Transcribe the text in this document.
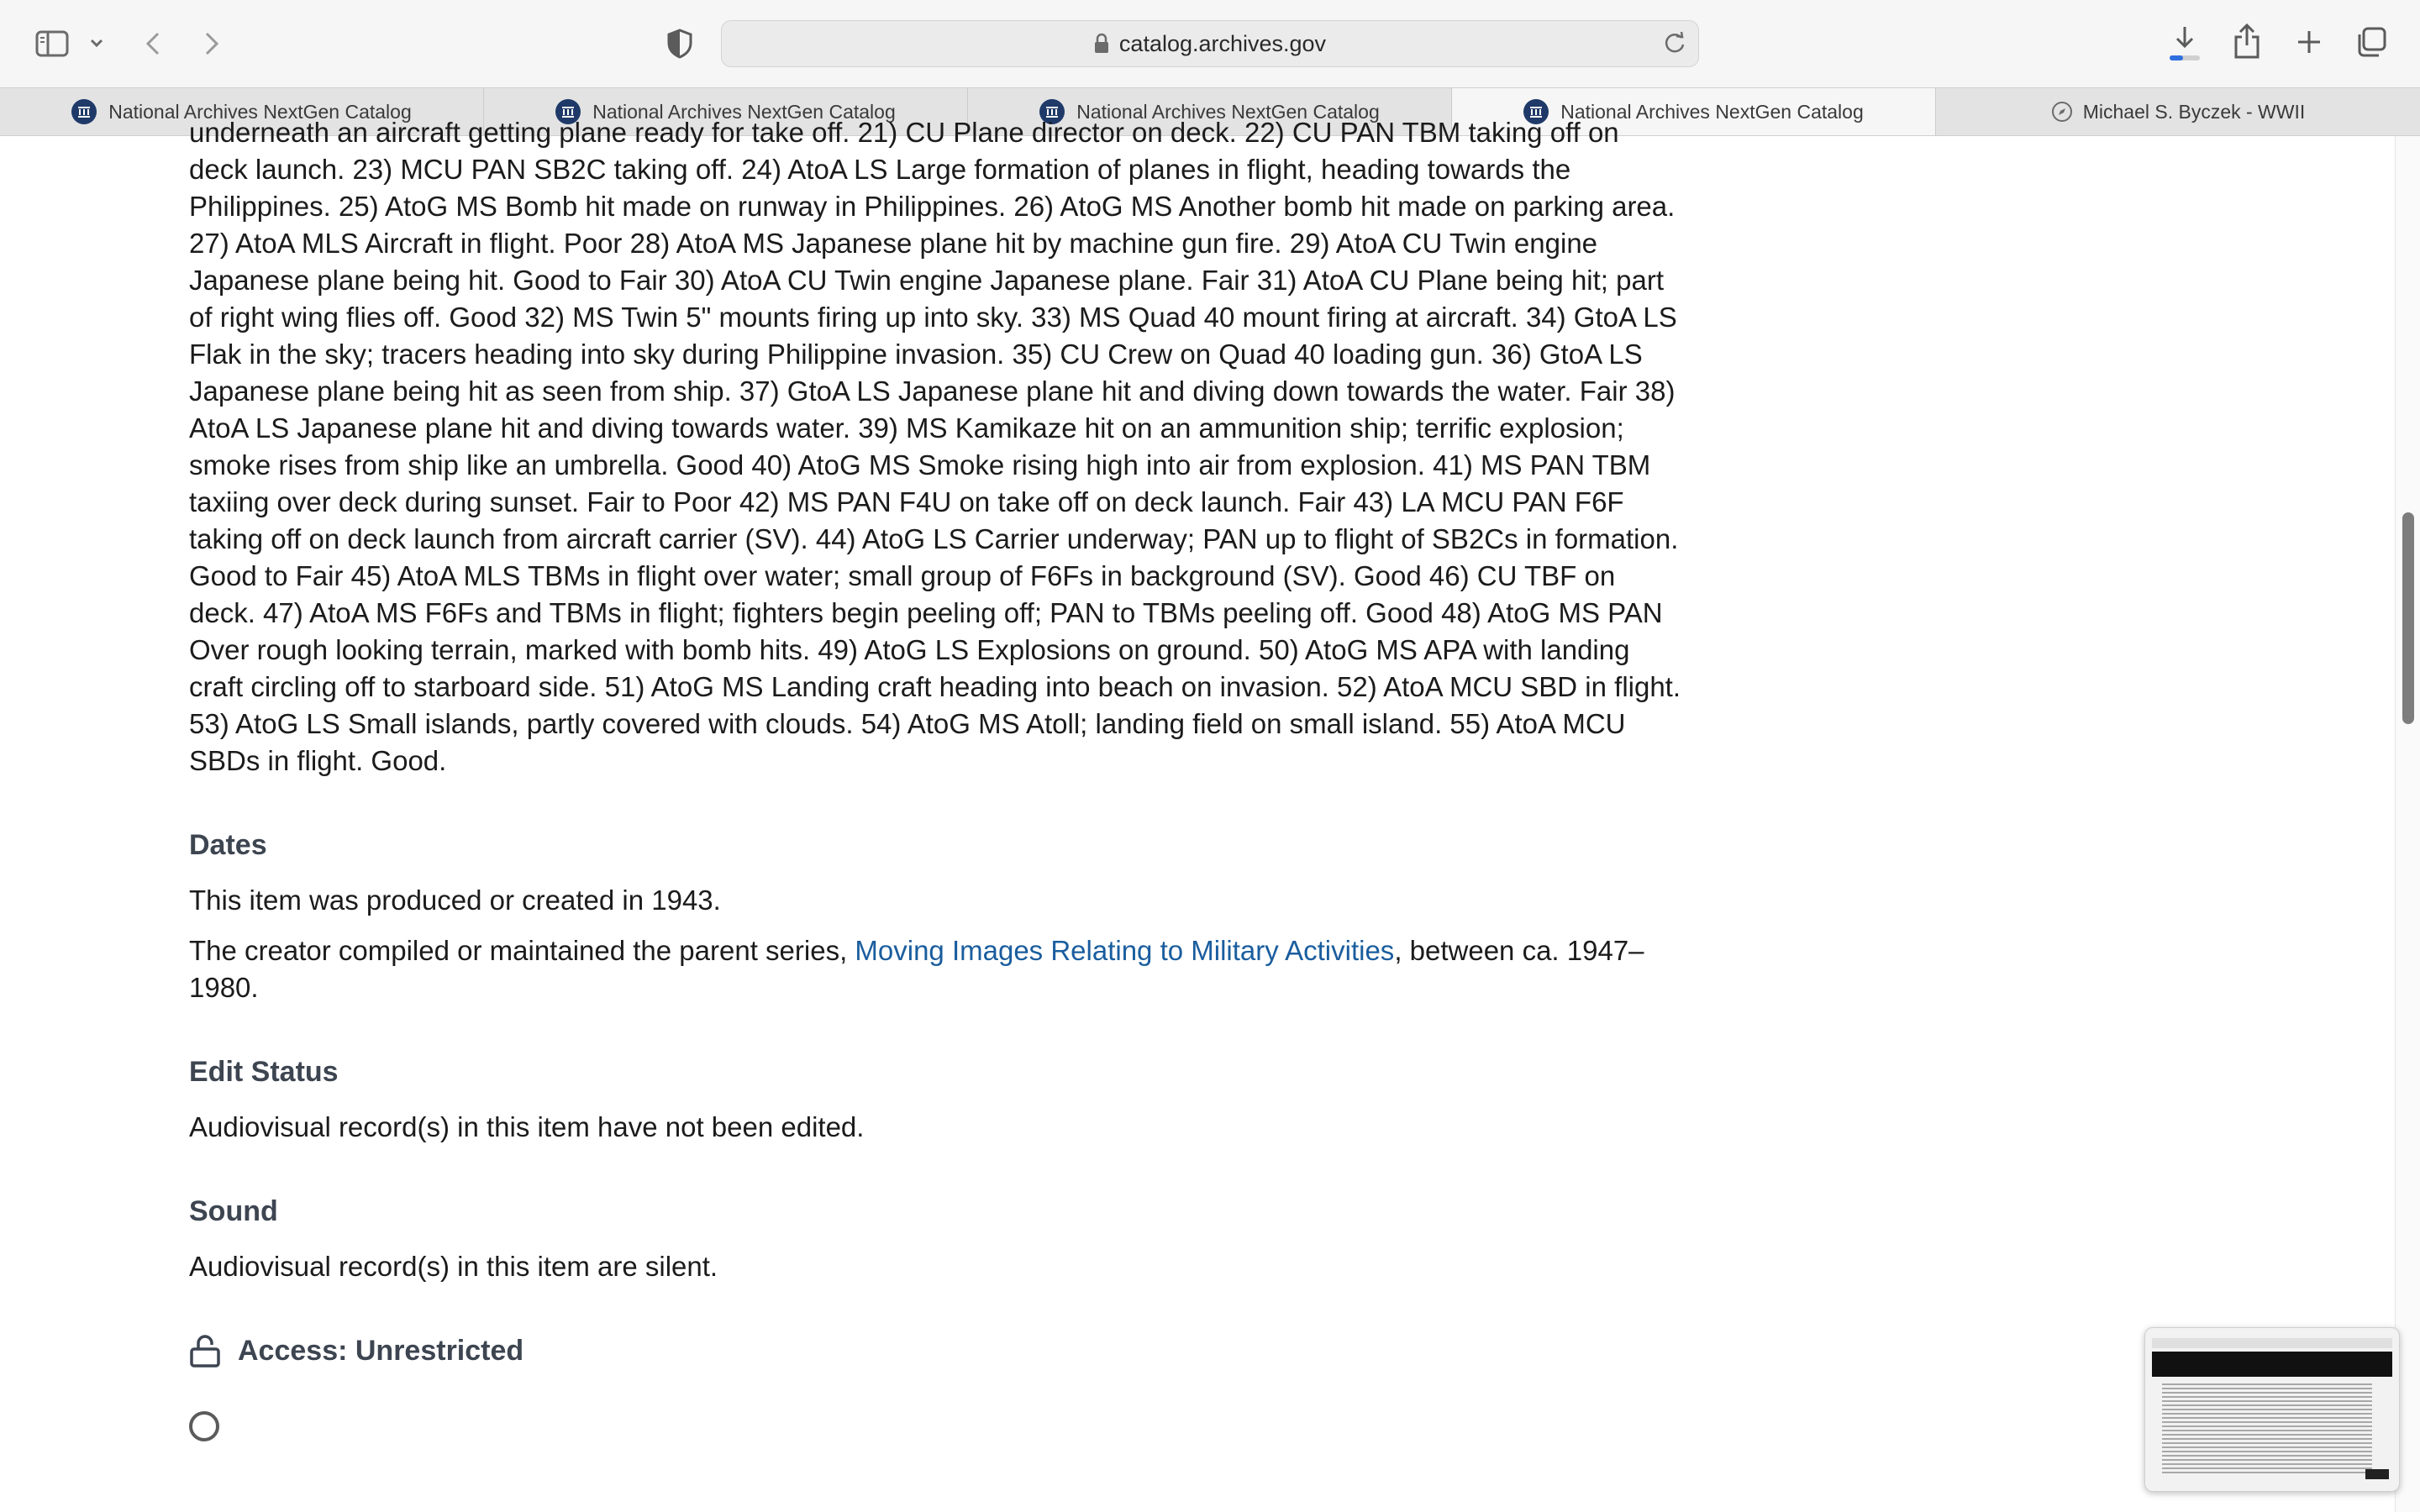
catalog.archives.gov
National Archives NextGen Catalog	National Archives NextGen Catalog	National Archives NextGen Catalog	National Archives NextGen Catalog	Michael S. Byczek - WWII
underneath an aircraft getting plane ready for take off. 21) CU Plane director on deck. 22) CU PAN TBM taking off on deck launch. 23) MCU PAN SB2C taking off. 24) AtoA LS Large formation of planes in flight, heading towards the Philippines. 25) AtoG MS Bomb hit made on runway in Philippines. 26) AtoG MS Another bomb hit made on parking area. 27) AtoA MLS Aircraft in flight. Poor 28) AtoA MS Japanese plane hit by machine gun fire. 29) AtoA CU Twin engine Japanese plane being hit. Good to Fair 30) AtoA CU Twin engine Japanese plane. Fair 31) AtoA CU Plane being hit; part of right wing flies off. Good 32) MS Twin 5" mounts firing up into sky. 33) MS Quad 40 mount firing at aircraft. 34) GtoA LS Flak in the sky; tracers heading into sky during Philippine invasion. 35) CU Crew on Quad 40 loading gun. 36) GtoA LS Japanese plane being hit as seen from ship. 37) GtoA LS Japanese plane hit and diving down towards the water. Fair 38) AtoA LS Japanese plane hit and diving towards water. 39) MS Kamikaze hit on an ammunition ship; terrific explosion; smoke rises from ship like an umbrella. Good 40) AtoG MS Smoke rising high into air from explosion. 41) MS PAN TBM taxiing over deck during sunset. Fair to Poor 42) MS PAN F4U on take off on deck launch. Fair 43) LA MCU PAN F6F taking off on deck launch from aircraft carrier (SV). 44) AtoG LS Carrier underway; PAN up to flight of SB2Cs in formation. Good to Fair 45) AtoA MLS TBMs in flight over water; small group of F6Fs in background (SV). Good 46) CU TBF on deck. 47) AtoA MS F6Fs and TBMs in flight; fighters begin peeling off; PAN to TBMs peeling off. Good 48) AtoG MS PAN Over rough looking terrain, marked with bomb hits. 49) AtoG LS Explosions on ground. 50) AtoG MS APA with landing craft circling off to starboard side. 51) AtoG MS Landing craft heading into beach on invasion. 52) AtoA MCU SBD in flight. 53) AtoG LS Small islands, partly covered with clouds. 54) AtoG MS Atoll; landing field on small island. 55) AtoA MCU SBDs in flight. Good.
Dates

This item was produced or created in 1943.

The creator compiled or maintained the parent series, Moving Images Relating to Military Activities, between ca. 1947–1980.

Edit Status

Audiovisual record(s) in this item have not been edited.

Sound

Audiovisual record(s) in this item are silent.

Access: Unrestricted
